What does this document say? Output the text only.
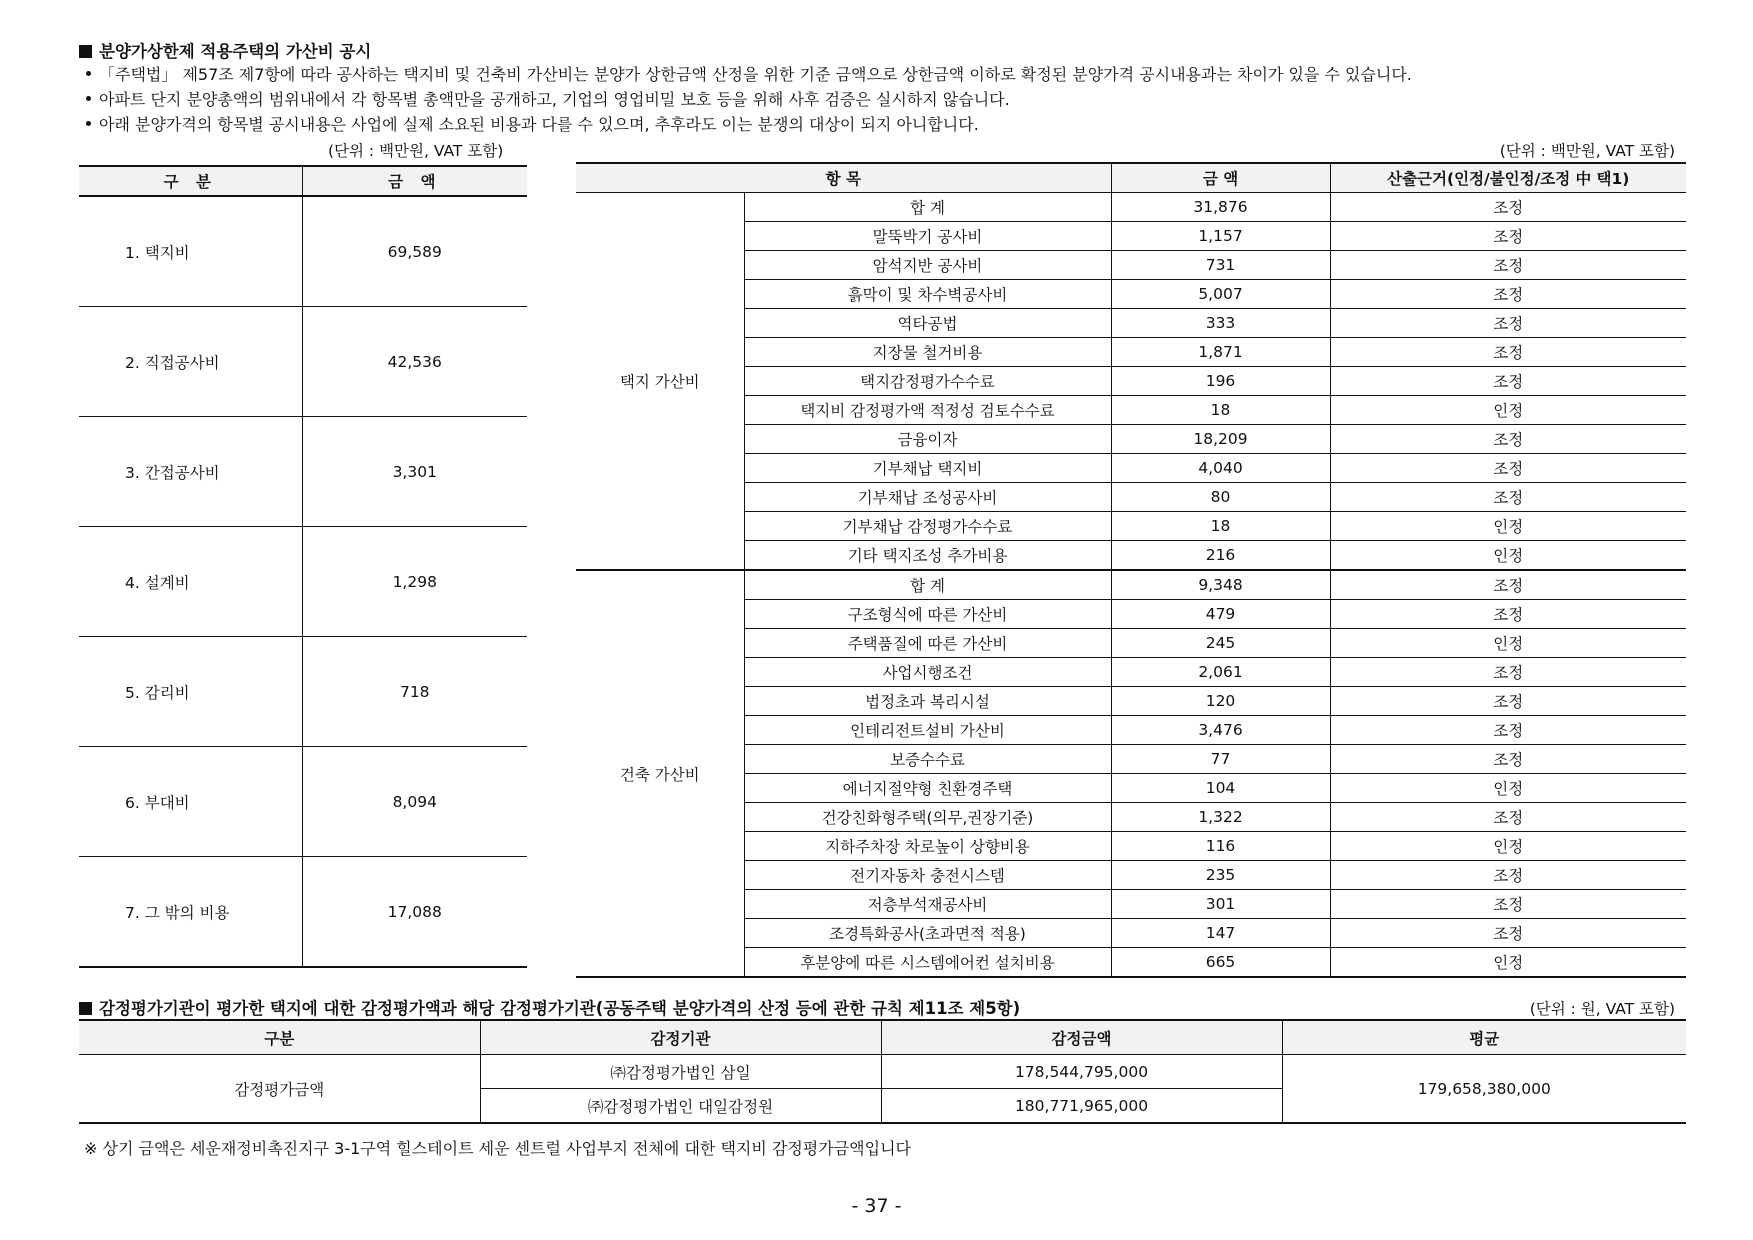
분양가상한제 적용주택의 가산비 공시
「주택법」 제57조 제7항에 따라 공사하는 택지비 및 건축비 가산비는 분양가 상한금액 산정을 위한 기준 금액으로 상한금액 이하로 확정된 분양가격 공시내용과는 차이가 있을 수 있습니다.
아파트 단지 분양총액의 범위내에서 각 항목별 총액만을 공개하고, 기업의 영업비밀 보호 등을 위해 사후 검증은 실시하지 않습니다.
아래 분양가격의 항목별 공시내용은 사업에 실제 소요된 비용과 다를 수 있으며, 추후라도 이는 분쟁의 대상이 되지 아니합니다.
(단위 : 백만원, VAT 포함)	(단위 : 백만원, VAT 포함)
구 분	금 액
1. 택지비	69,589
2. 직접공사비	42,536
3. 간접공사비	3,301
4. 설계비	1,298
5. 감리비	718
6. 부대비	8,094
7. 그 밖의 비용	17,088
항 목		금 액	산출근거(인정/불인정/조정 中 택1)
택지 가산비	합 계	31,876	조정
	말뚝박기 공사비	1,157	조정
	암석지반 공사비	731	조정
	흙막이 및 차수벽공사비	5,007	조정
	역타공법	333	조정
	지장물 철거비용	1,871	조정
	택지감정평가수수료	196	조정
	택지비 감정평가액 적정성 검토수수료	18	인정
	금융이자	18,209	조정
	기부채납 택지비	4,040	조정
	기부채납 조성공사비	80	조정
	기부채납 감정평가수수료	18	인정
	기타 택지조성 추가비용	216	인정
건축 가산비	합 계	9,348	조정
	구조형식에 따른 가산비	479	조정
	주택품질에 따른 가산비	245	인정
	사업시행조건	2,061	조정
	법정초과 복리시설	120	조정
	인테리전트설비 가산비	3,476	조정
	보증수수료	77	조정
	에너지절약형 친환경주택	104	인정
	건강친화형주택(의무,권장기준)	1,322	조정
	지하주차장 차로높이 상향비용	116	인정
	전기자동차 충전시스템	235	조정
	저층부석재공사비	301	조정
	조경특화공사(초과면적 적용)	147	조정
	후분양에 따른 시스템에어컨 설치비용	665	인정
감정평가기관이 평가한 택지에 대한 감정평가액과 해당 감정평가기관(공동주택 분양가격의 산정 등에 관한 규칙 제11조 제5항)	(단위 : 원, VAT 포함)
구분	감정기관	감정금액	평균
감정평가금액	㈜감정평가법인 삼일	178,544,795,000	179,658,380,000
	㈜감정평가법인 대일감정원	180,771,965,000	
※ 상기 금액은 세운재정비촉진지구 3-1구역 힐스테이트 세운 센트럴 사업부지 전체에 대한 택지비 감정평가금액입니다
- 37 -
